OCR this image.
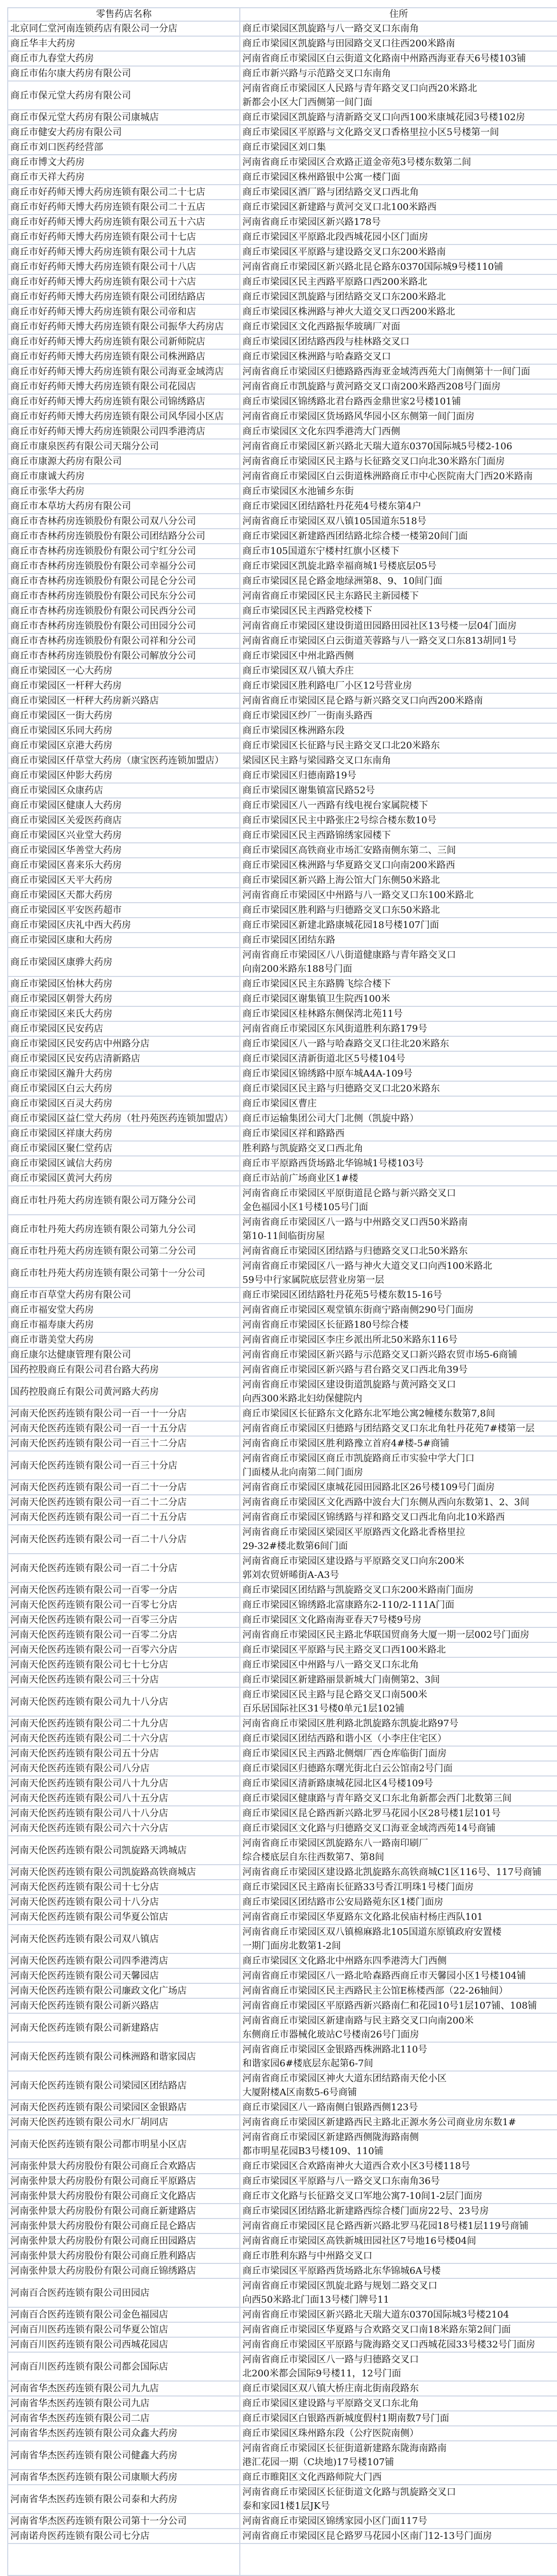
零售药店名称	住所
北京同仁堂河南连锁药店有限公司一分店	商丘市梁园区凯旋路与八一路交叉口东南角

商丘华丰大药房	商丘市梁园区凯旋路与田园路交叉口往西200米路南

商丘市九春堂大药房	河南省商丘市梁园区白云街道文化路南中州路西海亚春天6号楼103铺

商丘市佑尔康大药房有限公司	商丘市新兴路与示范路交叉口东南角

商丘市保元堂大药房有限公司	河南省商丘市梁园区人民路与青年路交叉口向西20米路北
新都会小区大门西侧第一间门面

商丘市保元堂大药房有限公司康城店	商丘市梁园区凯旋路与清新路交叉口向西100米康城花园3号楼102房

商丘市健安大药房有限公司	商丘市梁园区平原路与文化路交叉口香格里拉小区5号楼第一间

商丘市刘口医药经营部	商丘市梁园区刘口集

商丘市博文大药房	河南省商丘市梁园区合欢路正道金帝苑3号楼东数第二间

商丘市天祥大药房	商丘市梁园区株州路银中公寓一楼门面

商丘市好药师天博大药房连锁有限公司二十七店	商丘市梁园区酒厂路与团结路交叉口西北角

商丘市好药师天博大药房连锁有限公司二十五店	商丘市梁园区新建路与黄河交叉口北100米路西

商丘市好药师天博大药房连锁有限公司五十六店	河南省商丘市梁园区新兴路178号

商丘市好药师天博大药房连锁有限公司十七店	商丘市梁园区平原路北段西城花园小区门面房

商丘市好药师天博大药房连锁有限公司十九店	商丘市梁园区平原路与建设路交叉口东200米路南

商丘市好药师天博大药房连锁有限公司十八店	河南省商丘市梁园区新兴路北昆仑路东0370国际城9号楼110铺

商丘市好药师天博大药房连锁有限公司十六店	商丘市梁园区民主西路平原路口西200米路北

商丘市好药师天博大药房连锁有限公司团结路店	商丘市梁园区凯旋路与团结路交叉口东200米路北

商丘市好药师天博大药房连锁有限公司帝和店	商丘市梁园区株洲路与神火大道交叉口西200米路北

商丘市好药师天博大药房连锁有限公司振华大药房店	商丘市梁园区文化西路振华玻璃厂对面

商丘市好药师天博大药房连锁有限公司新师院店	商丘市梁园区团结路西段与桂林路交叉口

商丘市好药师天博大药房连锁有限公司株洲路店	商丘市梁园区株洲路与哈森路交叉口

商丘市好药师天博大药房连锁有限公司海亚金域湾店	河南省商丘市梁园区归德路路西海亚金域湾西苑大门南侧第十一间门面

商丘市好药师天博大药房连锁有限公司花园店	河南省商丘市凯旋路与黄河路交叉口南200米路西208号门面房

商丘市好药师天博大药房连锁有限公司锦绣路店	商丘市梁园区锦绣路北君台路西金鼎世家2号楼101铺

商丘市好药师天博大药房连锁有限公司风华园小区店	河南省商丘市梁园区货场路风华园小区东侧第一间门面房

商丘市好药师天博大药房连锁限公司四季港湾店	商丘市梁园区文化东四季港湾大门西侧

商丘市康泉医药有限公司天瑞分公司	河南省商丘市梁园区新兴路北天瑞大道东0370国际城5号楼2-106

商丘市康源大药房有限公司	河南省商丘市梁园区民主路与长征路交叉口向北30米路东门面房

商丘市康诚大药房	河南省商丘市梁园区白云街道株洲路商丘市中心医院南大门西20米路南

商丘市张华大药房	商丘市梁园区水池铺乡东街

商丘市本草坊大药房有限公司	商丘市梁园区团结路牡丹花苑4号楼东第4户

商丘市杏林药房连锁股份有限公司双八分公司	河南省商丘市梁园区双八镇105国道东518号

商丘市杏林药房连锁股份有限公司团结路分公司	商丘市梁园区新建路西团结路北综合楼一楼第20间门面

商丘市杏林药房连锁股份有限公司宁红分公司	商丘市105国道东宁楼村红旗小区楼下

商丘市杏林药房连锁股份有限公司幸福分公司	商丘市梁园区凯旋北路幸福商城1号楼底层05号

商丘市杏林药房连锁股份有限公司昆仑分公司	商丘市梁园区昆仑路金地绿洲第8、9、10间门面

商丘市杏林药房连锁股份有限公司民东分公司	河南省商丘市梁园区民主东路民主新园楼下

商丘市杏林药房连锁股份有限公司民西分公司	商丘市梁园区民主西路党校楼下

商丘市杏林药房连锁股份有限公司田园分公司	河南省商丘市梁园区建设街道田园路田园社区13号楼一层04门面房

商丘市杏林药房连锁股份有限公司祥和分公司	河南省商丘市梁园区白云街道芙蓉路与八一路交叉口东813胡同1号

商丘市杏林药房连锁股份有限公司解放分公司	商丘市梁园区中州北路西侧

商丘市梁园区一心大药房	商丘市梁园区双八镇大乔庄

商丘市梁园区一杆秤大药房	商丘市梁园区胜利路电厂小区12号营业房

商丘市梁园区一杆秤大药房新兴路店	河南省商丘市梁园区昆仑路与新兴路交叉口向西200米路南

商丘市梁园区一街大药房	商丘市梁园区纱厂一街南头路西

商丘市梁园区乐同大药房	商丘市梁园区株洲路东段

商丘市梁园区京港大药房	商丘市梁园区长征路与民主路交叉口北20米路东

商丘市梁园区仟草堂大药房（康宝医药连锁加盟店）	梁园区民主路与梁园路交叉口东南角

商丘市梁园区仲影大药房	商丘市梁园区归德南路19号

商丘市梁园区众康药店	商丘市梁园区谢集镇富民路52号

商丘市梁园区健康人大药房	商丘市梁园区八一西路有线电视台家属院楼下

商丘市梁园区关爱医药商店	商丘市梁园区民主中路张庄2号综合楼东数10号

商丘市梁园区兴业堂大药房	商丘市梁园区民主西路锦绣家园楼下

商丘市梁园区华善堂大药房	商丘市梁园区高铁商业市场汇安路南侧东第二、三间

商丘市梁园区喜来乐大药房	商丘市梁园区株洲路与华夏路交叉口向南200米路西

商丘市梁园区天平大药房	商丘市梁园区新兴路上海公馆大门东侧50米路北

商丘市梁园区天都大药房	河南省商丘市梁园区中州路与八一路交叉口东100米路北

商丘市梁园区平安医药超市	商丘市梁园区胜利路与归德路交叉口东50米路北

商丘市梁园区庆礼中西大药房	商丘市梁园区新建北路康城花园18号楼107门面

商丘市梁园区康和大药房	商丘市梁园区团结东路

商丘市梁园区康骅大药房	河南省商丘市梁园区八八街道健康路与青年路交叉口
向南200米路东188号门面

商丘市梁园区怡林大药房	商丘市梁园区民主东路腾飞综合楼下

商丘市梁园区朝誉大药房	商丘市梁园区谢集镇卫生院西100米

商丘市梁园区来氏大药房	商丘市梁园区桂林路东侧保湾北苑11号

商丘市梁园区民安药店	河南省商丘市梁园区东风街道胜利东路179号

商丘市梁园区民安药店中州路分店	商丘市梁园区八一路与哈森路交叉口往北20米路东

商丘市梁园区民安药店清新路店	商丘市梁园区清新街道北区5号楼104号

商丘市梁园区瀚升大药房	商丘市梁园区锦绣路中原车城A4A-109号

商丘市梁园区白云大药房	商丘市梁园区民主路与归德路交叉口北20米路东

商丘市梁园区百灵大药房	商丘市梁园区曹庄

商丘市梁园区益仁堂大药房（牡丹苑医药连锁加盟店）	商丘市运输集团公司大门北侧（凯旋中路）

商丘市梁园区祥康大药房	商丘市梁园区祥和路路西

商丘市梁园区聚仁堂药店	胜利路与凯旋路交叉口西北角

商丘市梁园区诚信大药房	商丘市平原路西货场路北华锦城1号楼103号

商丘市梁园区黄河大药房	商丘市站前广场商业区1#楼

商丘市牡丹苑大药房连锁有限公司万隆分公司	河南省商丘市梁园区平原街道昆仑路与新兴路交叉口
金色福园小区1号楼105号门面

商丘市牡丹苑大药房连锁有限公司第九分公司	河南省商丘市梁园区八一路与中州路交叉口西50米路南
第10-11间临街房屋

商丘市牡丹苑大药房连锁有限公司第二分公司	河南省商丘市梁园区团结路与归德路交叉口北50米路东

商丘市牡丹苑大药房连锁有限公司第十一分公司	河南省商丘市梁园区八一路与神火大道交叉口向西100米路北
59号中行家属院底层营业房第一层

商丘市百草堂大药房有限公司	商丘市梁园区团结路牡丹花苑5号楼东数15-16号

商丘市福安堂大药房	河南省商丘市梁园区观堂镇东街商宁路南侧290号门面房

商丘市福寿康大药房	河南省商丘市梁园区长征路180号综合楼

商丘市谐美堂大药房	河南省商丘市梁园区李庄乡派出所北50米路东116号

商丘康尔达健康管理有限公司	河南省商丘市梁园区新兴路与示范路交叉口新兴路农贸市场5-6商铺

国药控股商丘有限公司君台路大药房	河南省商丘市梁园区新兴路与君台路交叉口西北角39号

国药控股商丘有限公司黄河路大药房	河南省商丘市梁园区建设街道凯旋路与黄河路交叉口
向西300米路北妇幼保健院内

河南天伦医药连锁有限公司一百一十一分店	商丘市梁园区长征路东文化路东北军地公寓2幢楼东数第7,8间

河南天伦医药连锁有限公司一百一十五分店	河南省商丘市梁园区归德路与团结路交叉口东北角牡丹花苑7#楼第一层

河南天伦医药连锁有限公司一百三十二分店	河南省商丘市梁园区胜利路豫立首府4#楼-5#商铺

河南天伦医药连锁有限公司一百三十分店	河南省商丘市梁园区商丘市凯旋路商丘市实验中学大门口
门面楼从北向南第二间门面房

河南天伦医药连锁有限公司一百二十一分店	河南省商丘市梁园区康城花园田园路北区26号楼109号门面房

河南天伦医药连锁有限公司一百二十二分店	河南省商丘市梁园区文化西路中波台大门东侧从西向东数第1、2、3间

河南天伦医药连锁有限公司一百二十五分店	河南省商丘市梁园区锦绣路与祥和路交叉口西北角向北10米路西

河南天伦医药连锁有限公司一百二十八分店	河南省商丘市梁园区梁园区平原路西文化路北香格里拉
29-32#楼北数第6间门面

河南天伦医药连锁有限公司一百二十分店	河南省商丘市梁园区建设路与平原路交叉口向东200米
郭刘农贸妍晞街A-A3号

河南天伦医药连锁有限公司一百零一分店	商丘市梁园区团结路与凯旋路交叉口东200米路南门面房

河南天伦医药连锁有限公司一百零七分店	商丘市梁园区锦绣路北富康路东2-110/2-111A门面

河南天伦医药连锁有限公司一百零三分店	商丘市梁园区文化路南海亚春天7号楼9号房

河南天伦医药连锁有限公司一百零二分店	河南省商丘市梁园区民主路北华联国贸商务大厦一期一层002号门面房

河南天伦医药连锁有限公司一百零六分店	商丘市梁园区平原路与民主路交叉口西100米路北

河南天伦医药连锁有限公司七十七分店	商丘市梁园区中州路与八一路交叉口东北角

河南天伦医药连锁有限公司三十分店	商丘市梁园区新建路丽景新城大门南侧第2、3间

河南天伦医药连锁有限公司九十八分店	商丘市梁园区民主路与昆仑路交叉口南500米
百乐居国际社区31号楼0单元1层102铺

河南天伦医药连锁有限公司二十九分店	河南省商丘市梁园区胜利路北凯旋路东凯旋北路97号

河南天伦医药连锁有限公司二十六分店	商丘市梁园区团结西路和谐小区（小李庄住宅区）

河南天伦医药连锁有限公司五十分店	商丘市梁园区民主西路北侧烟厂西仓库临街门面房

河南天伦医药连锁有限公司八分店	商丘市梁园区归德路东曙光街北白云公馆南2号门面

河南天伦医药连锁有限公司八十九分店	商丘市梁园区清新路康城花园北区4号楼109号

河南天伦医药连锁有限公司八十五分店	商丘市梁园区健康路与青年路交叉口东北角新都会西门北数第三间

河南天伦医药连锁有限公司八十八分店	商丘市梁园区昆仑路西新兴路北罗马花园小区28号楼1层101号

河南天伦医药连锁有限公司六十六分店	商丘市梁园区文化路与归德路交叉口海亚金域湾西苑14号商铺

河南天伦医药连锁有限公司凯旋路天鸿城店	河南省商丘市梁园区凯旋路东八一路南印刷厂
综合楼底层自东往西数第7、第8间

河南天伦医药连锁有限公司凯旋路高铁商城店	河南省商丘市梁园区建设路北凯旋路东高铁商城C1区116号、117号商铺

河南天伦医药连锁有限公司十七分店	商丘市梁园区民主路南长征路33号香江明珠1号楼门面房

河南天伦医药连锁有限公司十八分店	商丘市梁园区团结路市公安局路菀东区1楼门面房

河南天伦医药连锁有限公司华夏公馆店	河南省商丘市梁园区华夏路东文化路北侯庙村杨庄西队101

河南天伦医药连锁有限公司双八镇店	河南省商丘市梁园区双八镇棉麻路北105国道东原镇政府安置楼
一期门面房北数第1-2间

河南天伦医药连锁有限公司四季港湾店	商丘市梁园区文化路北中州路东四季港湾大门西侧

河南天伦医药连锁有限公司天馨园店	河南省商丘市梁园区八一路北哈森路西商丘市天馨园小区1号楼104铺

河南天伦医药连锁有限公司廉政文化广场店	河南省商丘市梁园区民主西路民主公馆E栋楼西部（22-26轴间）

河南天伦医药连锁有限公司新兴路店	河南省商丘市梁园区平原路西新兴路南仁和花园10号1层107铺、108铺

河南天伦医药连锁有限公司新建路店	河南省商丘市梁园区新建南路与民主路交叉口向南200米
东侧商丘市器械化玻站C号楼南26号门面房

河南天伦医药连锁有限公司株洲路和谐家园店	河南省商丘市梁园区金银路西株洲路北110号
和谐家园6#楼底层东起第6-7间

河南天伦医药连锁有限公司梁园区团结路店	河南省商丘市梁园区神火大道东团结路南天伦小区
大厦附楼A区南数5-6号商铺

河南天伦医药连锁有限公司梁园区金银路店	商丘市梁园区八一路南侧白银路西侧123号

河南天伦医药连锁有限公司水厂胡同店	河南省商丘市梁园区新建路西民主路北正源水务公司商业房东数1#

河南天伦医药连锁有限公司都市明星小区店	河南省商丘市梁园区新建路西侧陇海路南侧
都市明星花园B3号楼109、110铺

河南张仲景大药房股份有限公司商丘合欢路店	商丘市梁园区合欢路南神火大道西合欢小区3号楼118号

河南张仲景大药房股份有限公司商丘平原路店	商丘市梁园区平原路与八一路交叉口东南角36号

河南张仲景大药房股份有限公司商丘文化路店	商丘市文化路与长征路交叉口军地公寓7-10间1-2层门面房

河南张仲景大药房股份有限公司商丘新建路店	商丘市梁园区团结路北新建路西综合楼门面房22号、23号房

河南张仲景大药房股份有限公司商丘昆仑路店	河南省商丘市梁园区昆仑路西新兴路北罗马花园18号楼1层119号商铺

河南张仲景大药房股份有限公司商丘田园路店	河南省商丘市梁园区高铁新城田园社区7号地16号楼04间

河南张仲景大药房股份有限公司商丘胜利路店	商丘市胜利东路与中州路交叉口

河南张仲景大药房股份有限公司商丘锦绣路店	商丘市梁园区平原路西货场路北东华锦城6A号楼

河南百合医药连锁有限公司田园店	河南省商丘市梁园区凯旋北路与规划二路交叉口
向西50米路北门面13号楼门牌号11

河南百合医药连锁有限公司金色福园店	河南省商丘市梁园区新兴路北天瑞大道东0370国际城3号楼2104

河南百川医药连锁有限公司华夏公馆店	河南省商丘市梁园区华夏路与合欢路交叉口南18米路东第2间门面

河南百川医药连锁有限公司西城花园店	河南省商丘市梁园区平原路与陇海路交叉口西城花园33号楼32号门面房

河南百川医药连锁有限公司都会国际店	河南省商丘市梁园区八一路与归德路交叉口
北200米都会国际9号楼11，12号门面

河南省华杰医药连锁有限公司九九店	商丘市梁园区双八镇大桥庄南北街南段路东

河南省华杰医药连锁有限公司九店	商丘市梁园区建设路与平原路交叉口东北角

河南省华杰医药连锁有限公司二店	商丘市梁园区白银路西新城度假村1期南数7号门面

河南省华杰医药连锁有限公司众鑫大药房	商丘市梁园区珠州路东段（公疗医院南侧）

河南省华杰医药连锁有限公司健鑫大药房	河南省商丘市梁园区长征街道新建路东陇海南路南
港汇花园一期（C块地)17号楼107铺

河南省华杰医药连锁有限公司康顺大药房	商丘市睢阳区文化西路师院大门西

河南省华杰医药连锁有限公司泰和大药房	河南省商丘市梁园区长征街道文化路与凯旋路交叉口
泰和家园1楼1层JK号

河南省华杰医药连锁有限公司第十一分公司	河南省商丘市梁园区锦绣家园小区门面117号

河南诺舟医药连锁有限公司七分店	河南省商丘市梁园区昆仑路罗马花园小区南门12-13号门面房
